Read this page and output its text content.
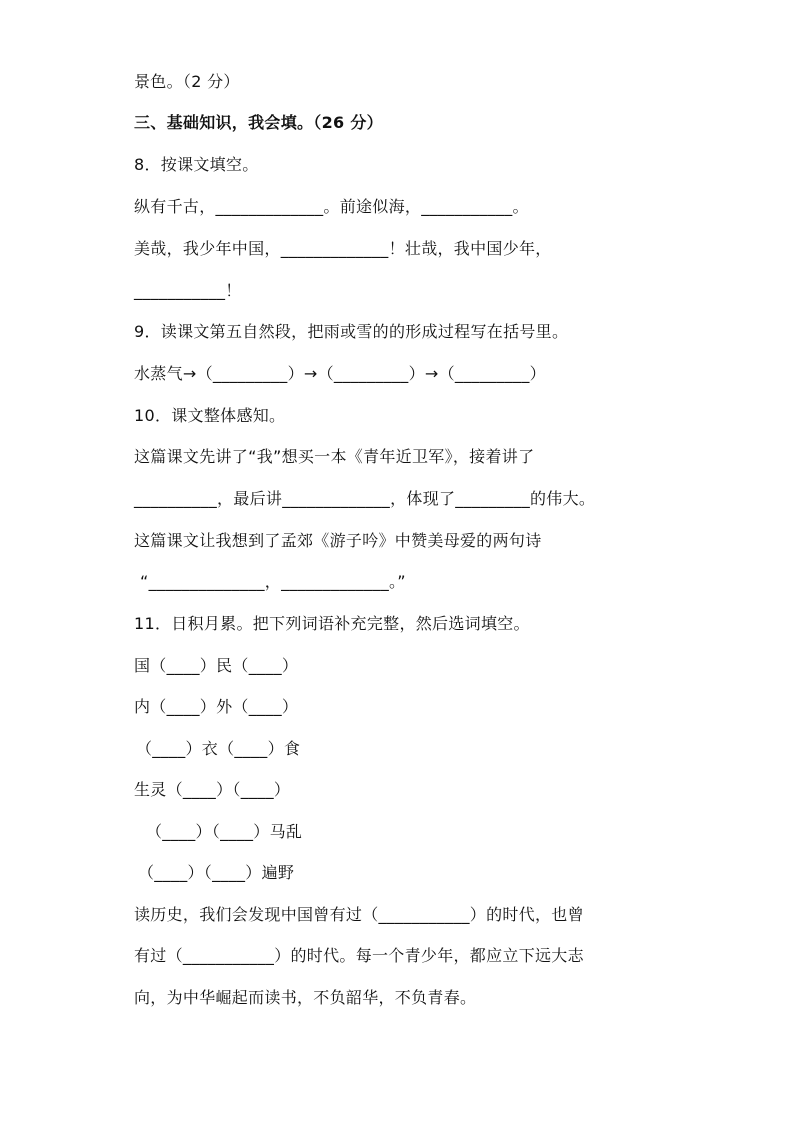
景色。（2 分）
三、基础知识，我会填。（26 分）
8．按课文填空。
纵有千古，_____________。前途似海，___________。
美哉，我少年中国，_____________！壮哉，我中国少年，
___________！
9．读课文第五自然段，把雨或雪的的形成过程写在括号里。
水蒸气→（_________）→（_________）→（_________）
10．课文整体感知。
这篇课文先讲了“我”想买一本《青年近卫军》，接着讲了
__________，最后讲_____________，体现了_________的伟大。
这篇课文让我想到了孟郊《游子吟》中赞美母爱的两句诗
“______________，_____________。”
11．日积月累。把下列词语补充完整，然后选词填空。
国（____）民（____）
内（____）外（____）
（____）衣（____）食
生灵（____）（____）
（____）（____）马乱
（____）（____）遍野
读历史，我们会发现中国曾有过（___________）的时代，也曾
有过（___________）的时代。每一个青少年，都应立下远大志
向，为中华崛起而读书，不负韶华，不负青春。
